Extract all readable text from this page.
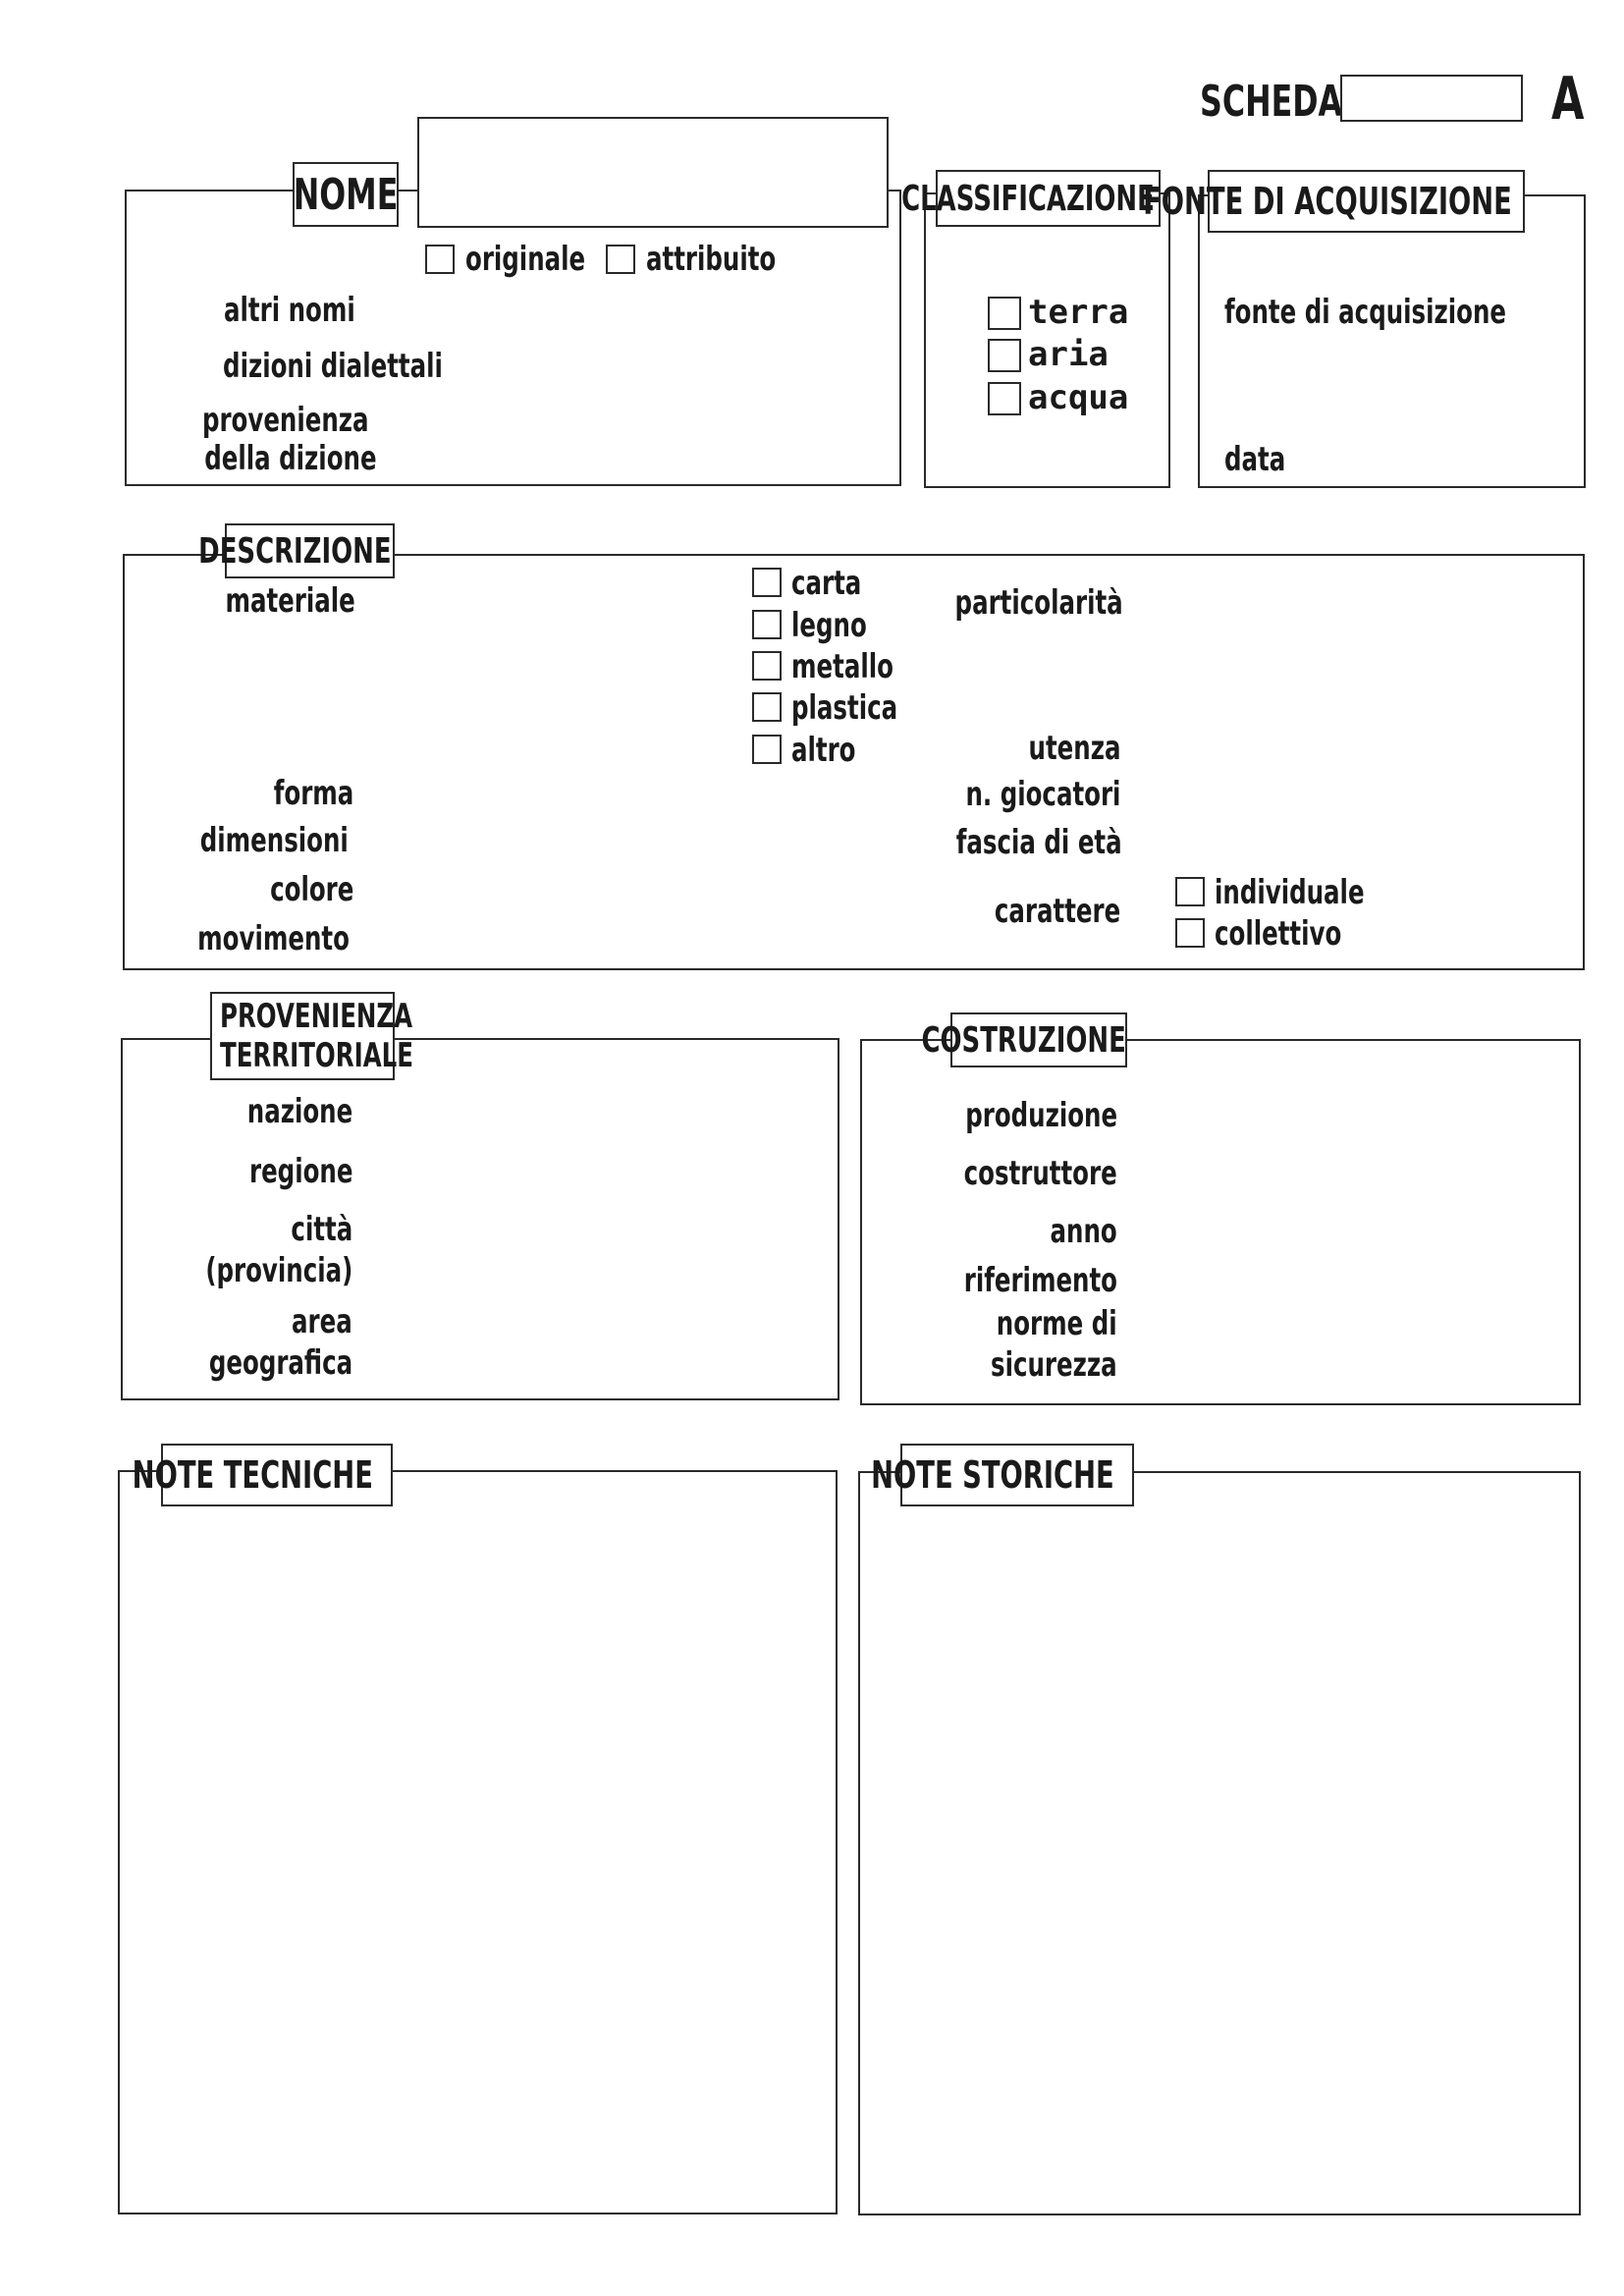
SCHEDA	A
NOME
originale	attribuito
altri nomi
dizioni dialettali
provenienza
della dizione
CLASSIFICAZIONE
terra
aria
acqua
FONTE DI ACQUISIZIONE
fonte di acquisizione
data
DESCRIZIONE
materiale
forma
dimensioni
colore
movimento
carta
legno
metallo
plastica
altro
particolarità
utenza
n. giocatori
fascia di età
carattere	individuale
collettivo
PROVENIENZA
TERRITORIALE
nazione
regione
città
(provincia)
area
geografica
COSTRUZIONE
produzione
costruttore
anno
riferimento
norme di
sicurezza
NOTE TECNICHE	NOTE STORICHE
